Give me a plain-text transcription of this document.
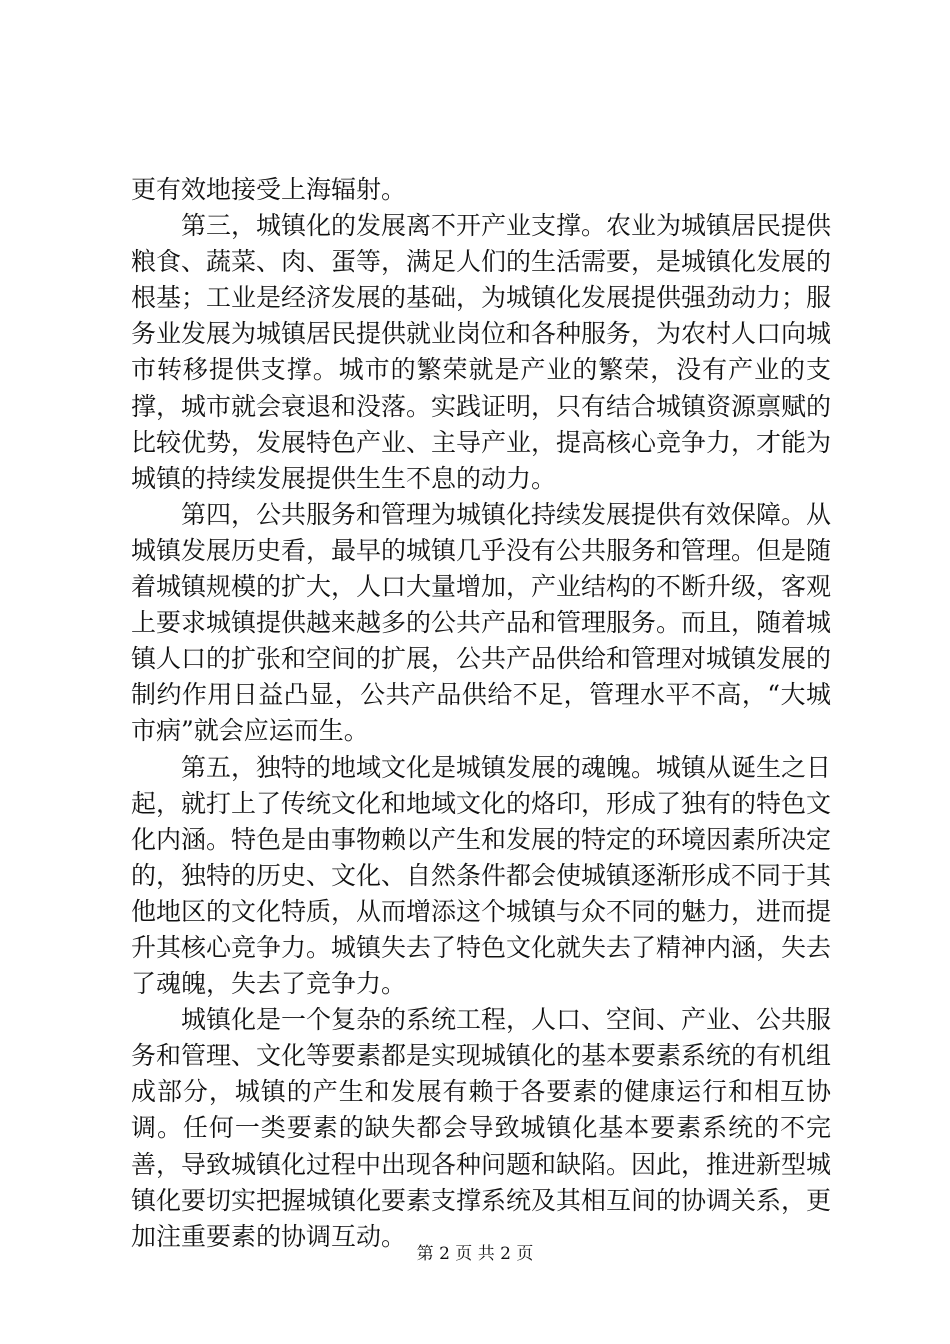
更有效地接受上海辐射。

第三，城镇化的发展离不开产业支撑。农业为城镇居民提供粮食、蔬菜、肉、蛋等，满足人们的生活需要，是城镇化发展的根基；工业是经济发展的基础，为城镇化发展提供强劲动力；服务业发展为城镇居民提供就业岗位和各种服务，为农村人口向城市转移提供支撑。城市的繁荣就是产业的繁荣，没有产业的支撑，城市就会衰退和没落。实践证明，只有结合城镇资源禀赋的比较优势，发展特色产业、主导产业，提高核心竞争力，才能为城镇的持续发展提供生生不息的动力。

第四，公共服务和管理为城镇化持续发展提供有效保障。从城镇发展历史看，最早的城镇几乎没有公共服务和管理。但是随着城镇规模的扩大，人口大量增加，产业结构的不断升级，客观上要求城镇提供越来越多的公共产品和管理服务。而且，随着城镇人口的扩张和空间的扩展，公共产品供给和管理对城镇发展的制约作用日益凸显，公共产品供给不足，管理水平不高，“大城市病”就会应运而生。

第五，独特的地域文化是城镇发展的魂魄。城镇从诞生之日起，就打上了传统文化和地域文化的烙印，形成了独有的特色文化内涵。特色是由事物赖以产生和发展的特定的环境因素所决定的，独特的历史、文化、自然条件都会使城镇逐渐形成不同于其他地区的文化特质，从而增添这个城镇与众不同的魅力，进而提升其核心竞争力。城镇失去了特色文化就失去了精神内涵，失去了魂魄，失去了竞争力。

城镇化是一个复杂的系统工程，人口、空间、产业、公共服务和管理、文化等要素都是实现城镇化的基本要素系统的有机组成部分，城镇的产生和发展有赖于各要素的健康运行和相互协调。任何一类要素的缺失都会导致城镇化基本要素系统的不完善，导致城镇化过程中出现各种问题和缺陷。因此，推进新型城镇化要切实把握城镇化要素支撑系统及其相互间的协调关系，更加注重要素的协调互动。

第 2 页 共 2 页
